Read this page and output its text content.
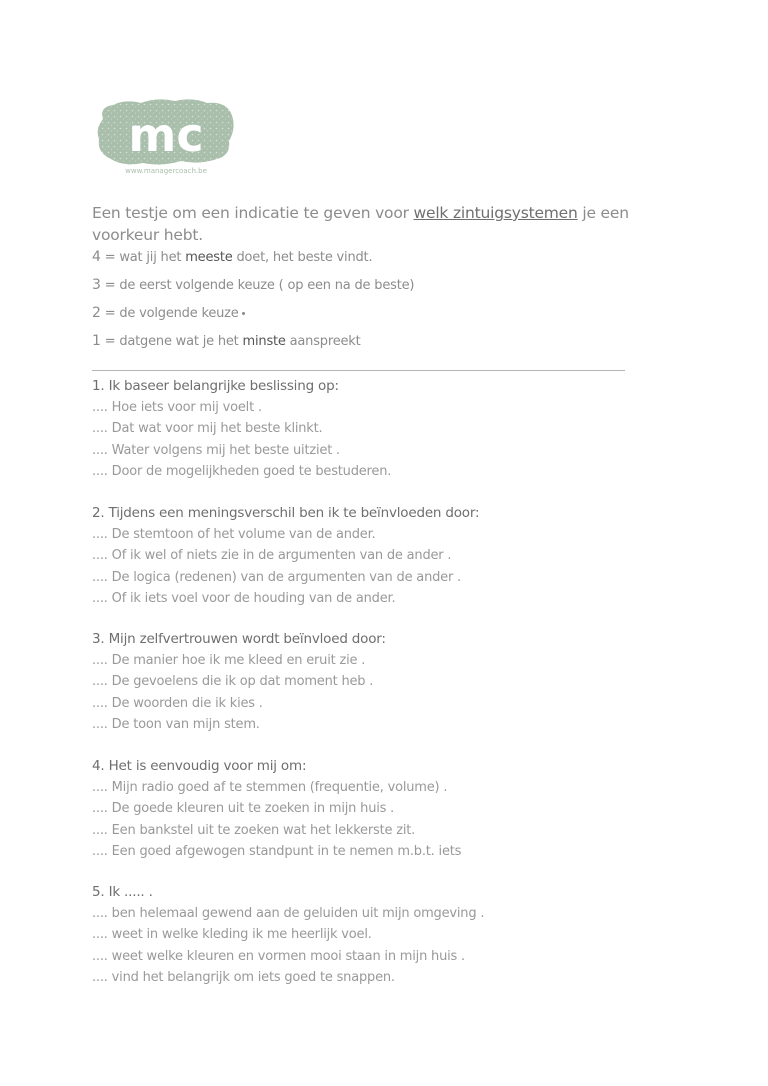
mc
www.managercoach.be
Een testje om een indicatie te geven voor welk zintuigsystemen je een voorkeur hebt.
4 = wat jij het meeste doet, het beste vindt.
3 = de eerst volgende keuze ( op een na de beste)
2 = de volgende keuze
1 = datgene wat je het minste aanspreekt
1. Ik baseer belangrijke beslissing op:
.... Hoe iets voor mij voelt .
.... Dat wat voor mij het beste klinkt.
.... Water volgens mij het beste uitziet .
.... Door de mogelijkheden goed te bestuderen.
2. Tijdens een meningsverschil ben ik te beïnvloeden door:
.... De stemtoon of het volume van de ander.
.... Of ik wel of niets zie in de argumenten van de ander .
.... De logica (redenen) van de argumenten van de ander .
.... Of ik iets voel voor de houding van de ander.
3. Mijn zelfvertrouwen wordt beïnvloed door:
.... De manier hoe ik me kleed en eruit zie .
.... De gevoelens die ik op dat moment heb .
.... De woorden die ik kies .
.... De toon van mijn stem.
4. Het is eenvoudig voor mij om:
.... Mijn radio goed af te stemmen (frequentie, volume) .
.... De goede kleuren uit te zoeken in mijn huis .
.... Een bankstel uit te zoeken wat het lekkerste zit.
.... Een goed afgewogen standpunt in te nemen m.b.t. iets
5. Ik ..... .
.... ben helemaal gewend aan de geluiden uit mijn omgeving .
.... weet in welke kleding ik me heerlijk voel.
.... weet welke kleuren en vormen mooi staan in mijn huis .
.... vind het belangrijk om iets goed te snappen.
